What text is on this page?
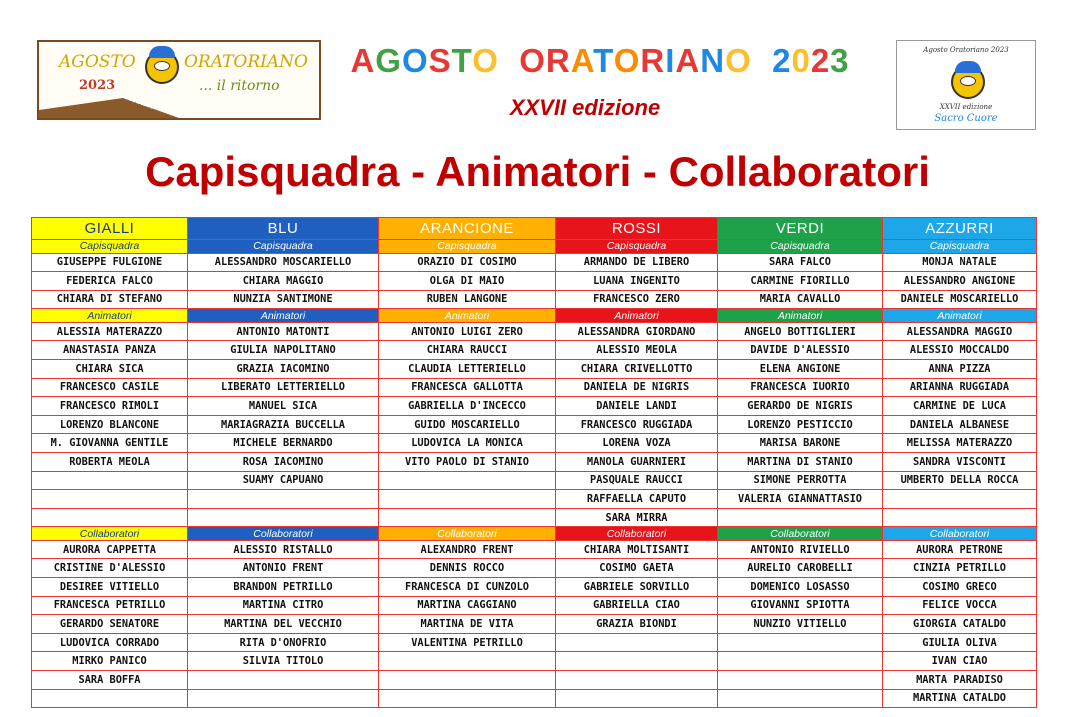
AGOSTO	ORATORIANO
2023	... il ritorno
Restart
AGOSTO ORATORIANO 2023
XXVII edizione
Agosto Oratoriano 2023
XXVII edizione
Sacro Cuore
Capisquadra - Animatori - Collaboratori
GIALLI	BLU	ARANCIONE	ROSSI	VERDI	AZZURRI
Capisquadra	Capisquadra	Capisquadra	Capisquadra	Capisquadra	Capisquadra
GIUSEPPE FULGIONE	ALESSANDRO MOSCARIELLO	ORAZIO DI COSIMO	ARMANDO DE LIBERO	SARA FALCO	MONJA NATALE
FEDERICA FALCO	CHIARA MAGGIO	OLGA DI MAIO	LUANA INGENITO	CARMINE FIORILLO	ALESSANDRO ANGIONE
CHIARA DI STEFANO	NUNZIA SANTIMONE	RUBEN LANGONE	FRANCESCO ZERO	MARIA CAVALLO	DANIELE MOSCARIELLO
Animatori	Animatori	Animatori	Animatori	Animatori	Animatori
ALESSIA MATERAZZO	ANTONIO MATONTI	ANTONIO LUIGI ZERO	ALESSANDRA GIORDANO	ANGELO BOTTIGLIERI	ALESSANDRA MAGGIO
ANASTASIA PANZA	GIULIA NAPOLITANO	CHIARA RAUCCI	ALESSIO MEOLA	DAVIDE D'ALESSIO	ALESSIO MOCCALDO
CHIARA SICA	GRAZIA IACOMINO	CLAUDIA LETTERIELLO	CHIARA CRIVELLOTTO	ELENA ANGIONE	ANNA PIZZA
FRANCESCO CASILE	LIBERATO LETTERIELLO	FRANCESCA GALLOTTA	DANIELA DE NIGRIS	FRANCESCA IUORIO	ARIANNA RUGGIADA
FRANCESCO RIMOLI	MANUEL SICA	GABRIELLA D'INCECCO	DANIELE LANDI	GERARDO DE NIGRIS	CARMINE DE LUCA
LORENZO BLANCONE	MARIAGRAZIA BUCCELLA	GUIDO MOSCARIELLO	FRANCESCO RUGGIADA	LORENZO PESTICCIO	DANIELA ALBANESE
M. GIOVANNA GENTILE	MICHELE BERNARDO	LUDOVICA LA MONICA	LORENA VOZA	MARISA BARONE	MELISSA MATERAZZO
ROBERTA MEOLA	ROSA IACOMINO	VITO PAOLO DI STANIO	MANOLA GUARNIERI	MARTINA DI STANIO	SANDRA VISCONTI
	SUAMY CAPUANO		PASQUALE RAUCCI	SIMONE PERROTTA	UMBERTO DELLA ROCCA
			RAFFAELLA CAPUTO	VALERIA GIANNATTASIO	
			SARA MIRRA		
Collaboratori	Collaboratori	Collaboratori	Collaboratori	Collaboratori	Collaboratori
AURORA CAPPETTA	ALESSIO RISTALLO	ALEXANDRO FRENT	CHIARA MOLTISANTI	ANTONIO RIVIELLO	AURORA PETRONE
CRISTINE D'ALESSIO	ANTONIO FRENT	DENNIS ROCCO	COSIMO GAETA	AURELIO CAROBELLI	CINZIA PETRILLO
DESIREE VITIELLO	BRANDON PETRILLO	FRANCESCA DI CUNZOLO	GABRIELE SORVILLO	DOMENICO LOSASSO	COSIMO GRECO
FRANCESCA PETRILLO	MARTINA CITRO	MARTINA CAGGIANO	GABRIELLA CIAO	GIOVANNI SPIOTTA	FELICE VOCCA
GERARDO SENATORE	MARTINA DEL VECCHIO	MARTINA DE VITA	GRAZIA BIONDI	NUNZIO VITIELLO	GIORGIA CATALDO
LUDOVICA CORRADO	RITA D'ONOFRIO	VALENTINA PETRILLO			GIULIA OLIVA
MIRKO PANICO	SILVIA TITOLO				IVAN CIAO
SARA BOFFA					MARTA PARADISO
					MARTINA CATALDO
